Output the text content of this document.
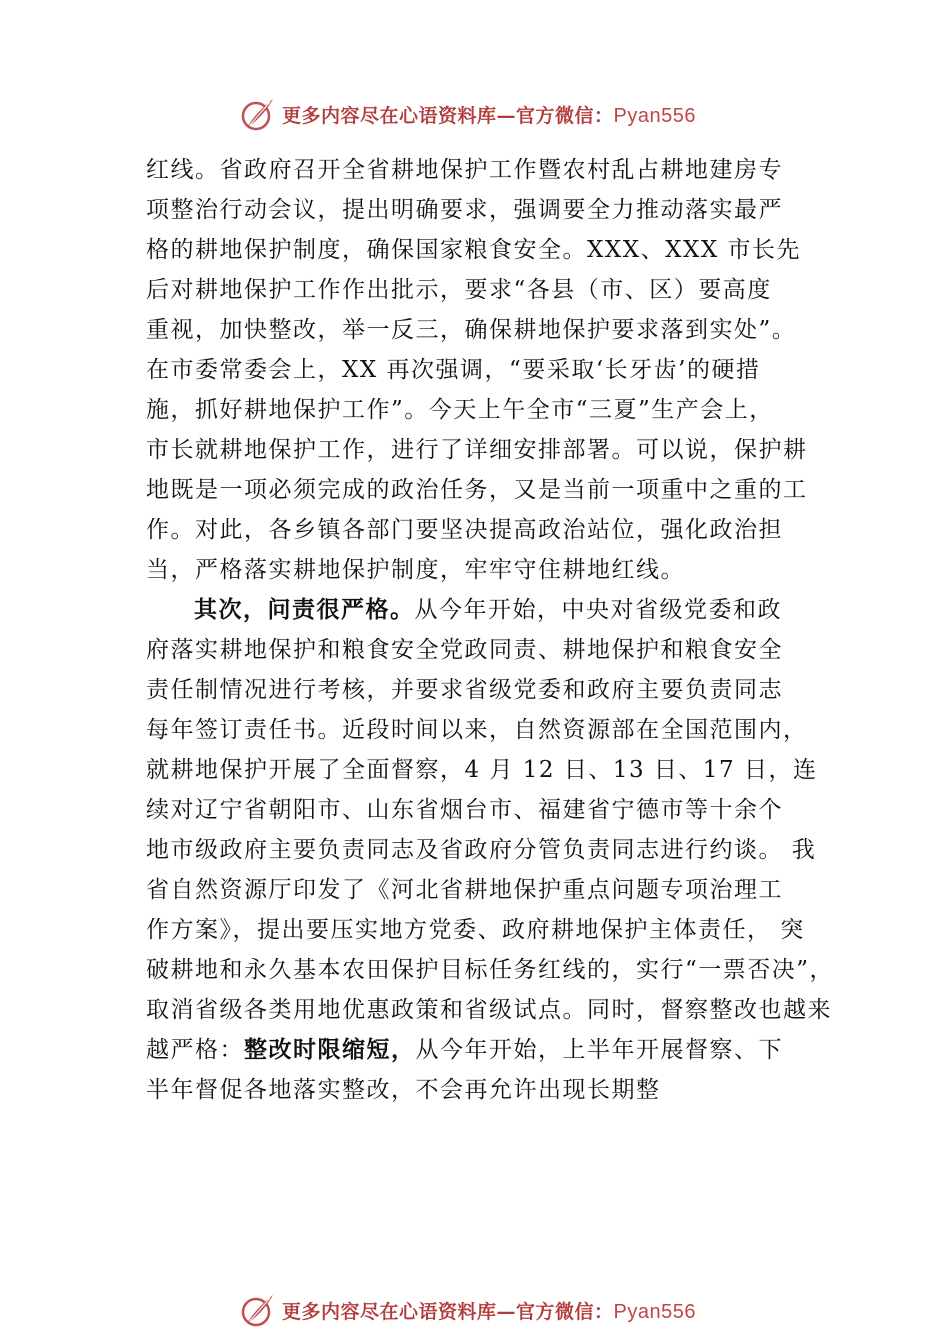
更多内容尽在心语资料库—官方微信：Pyan556
红线。省政府召开全省耕地保护工作暨农村乱占耕地建房专
项整治行动会议，提出明确要求，强调要全力推动落实最严
格的耕地保护制度，确保国家粮食安全。XXX、XXX 市长先
后对耕地保护工作作出批示，要求“各县（市、区）要高度
重视，加快整改，举一反三，确保耕地保护要求落到实处”。
在市委常委会上，XX 再次强调，“要采取‘长牙齿’的硬措
施，抓好耕地保护工作”。今天上午全市“三夏”生产会上，
市长就耕地保护工作，进行了详细安排部署。可以说，保护耕
地既是一项必须完成的政治任务，又是当前一项重中之重的工
作。对此，各乡镇各部门要坚决提高政治站位，强化政治担
当，严格落实耕地保护制度，牢牢守住耕地红线。
其次，问责很严格。从今年开始，中央对省级党委和政
府落实耕地保护和粮食安全党政同责、耕地保护和粮食安全
责任制情况进行考核，并要求省级党委和政府主要负责同志
每年签订责任书。近段时间以来，自然资源部在全国范围内，
就耕地保护开展了全面督察，4 月 12 日、13 日、17 日，连
续对辽宁省朝阳市、山东省烟台市、福建省宁德市等十余个
地市级政府主要负责同志及省政府分管负责同志进行约谈。 我
省自然资源厅印发了《河北省耕地保护重点问题专项治理工
作方案》，提出要压实地方党委、政府耕地保护主体责任， 突
破耕地和永久基本农田保护目标任务红线的，实行“一票否决”，
取消省级各类用地优惠政策和省级试点。同时，督察整改也越来
越严格：整改时限缩短，从今年开始，上半年开展督察、下
半年督促各地落实整改，不会再允许出现长期整
更多内容尽在心语资料库—官方微信：Pyan556
